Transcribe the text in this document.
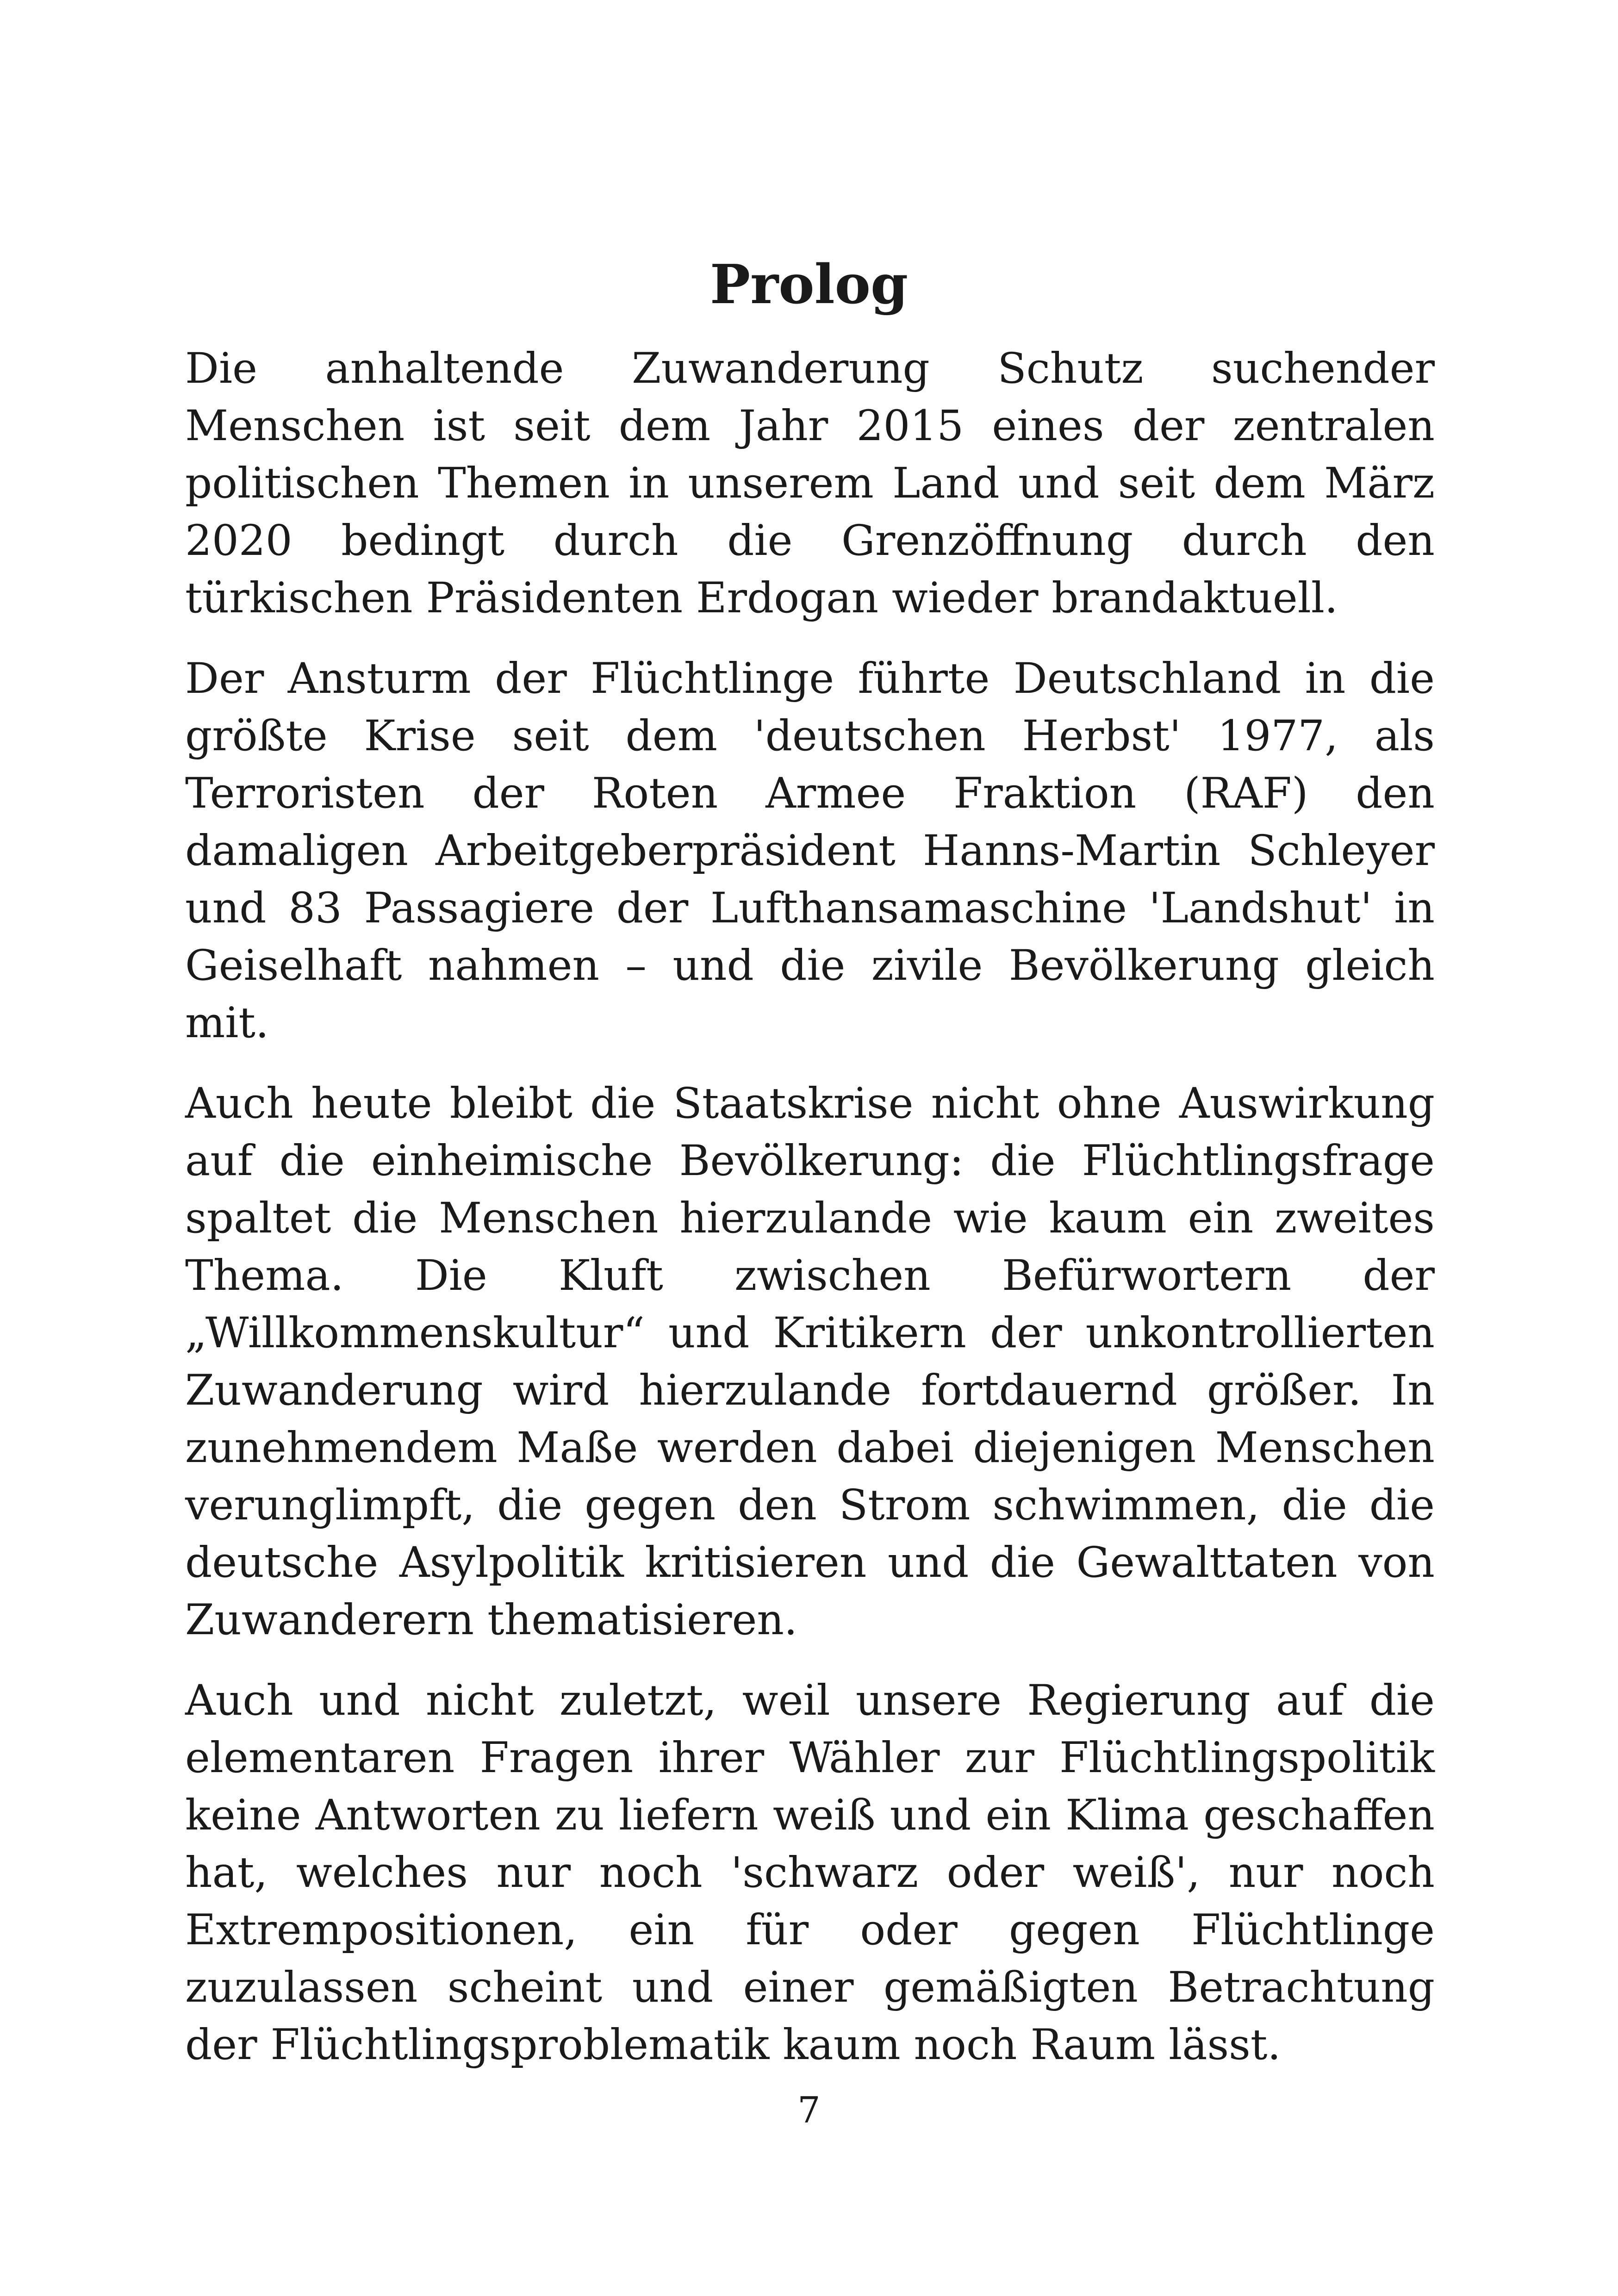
Prolog

Die anhaltende Zuwanderung Schutz suchender Menschen ist seit dem Jahr 2015 eines der zentralen politischen Themen in unserem Land und seit dem März 2020 bedingt durch die Grenzöffnung durch den türkischen Präsidenten Erdogan wieder brandaktuell.

Der Ansturm der Flüchtlinge führte Deutschland in die größte Krise seit dem 'deutschen Herbst' 1977, als Terroristen der Roten Armee Fraktion (RAF) den damaligen Arbeitgeberpräsident Hanns-Martin Schleyer und 83 Passagiere der Lufthansamaschine 'Landshut' in Geiselhaft nahmen – und die zivile Bevölkerung gleich mit.

Auch heute bleibt die Staatskrise nicht ohne Auswirkung auf die einheimische Bevölkerung: die Flüchtlingsfrage spaltet die Menschen hierzulande wie kaum ein zweites Thema. Die Kluft zwischen Befürwortern der „Willkommenskultur“ und Kritikern der unkontrollierten Zuwanderung wird hierzulande fortdauernd größer. In zunehmendem Maße werden dabei diejenigen Menschen verunglimpft, die gegen den Strom schwimmen, die die deutsche Asylpolitik kritisieren und die Gewalttaten von Zuwanderern thematisieren.

Auch und nicht zuletzt, weil unsere Regierung auf die elementaren Fragen ihrer Wähler zur Flüchtlingspolitik keine Antworten zu liefern weiß und ein Klima geschaffen hat, welches nur noch 'schwarz oder weiß', nur noch Extrempositionen, ein für oder gegen Flüchtlinge zuzulassen scheint und einer gemäßigten Betrachtung der Flüchtlingsproblematik kaum noch Raum lässt.

7
